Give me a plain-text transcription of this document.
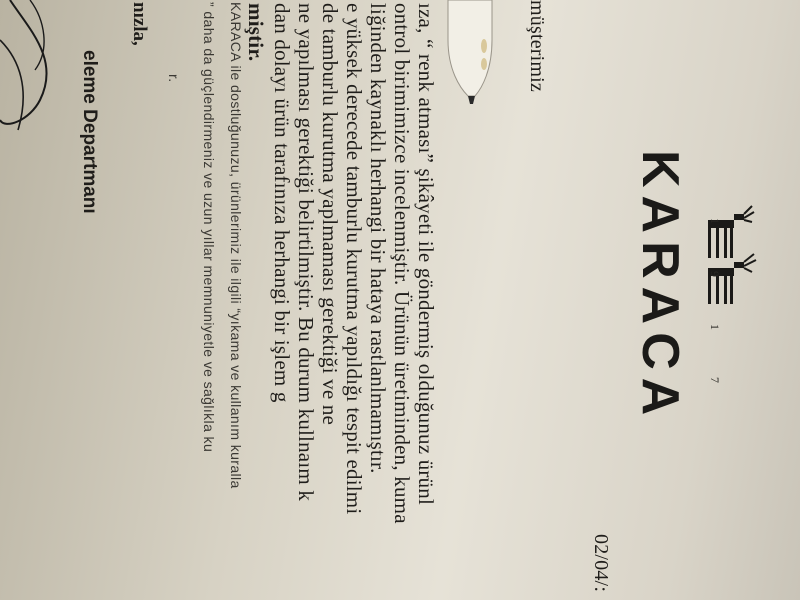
nızla,
eleme Departmanı	r. ” daha da güçlendirmeniz ve uzun yıllar memnuniyetle ve sağlıkla ku KARACA ile dostluğunuzu, ürünlerimiz ile ilgili “yıkama ve kullanım kuralla miştir. dan dolayı ürün tarafınıza herhangi bir işlem g ne yapılması gerektiği belirtilmiştir. Bu durum kullnaım k de tamburlu kurutma yaplmaması gerektiği ve ne e yüksek derecede tamburlu kurutma yapıldığı tespit edilmi liğinden kaynaklı herhangi bir hataya rastlanlmamıştır. ontrol birimimizce incelenmiştir. Ürünün üretiminden, kuma ıza, “ renk atması” şikâyeti ile göndermiş olduğunuz ürünl	müşterimiz
1 9 1 7
KARACA
02/04/:
